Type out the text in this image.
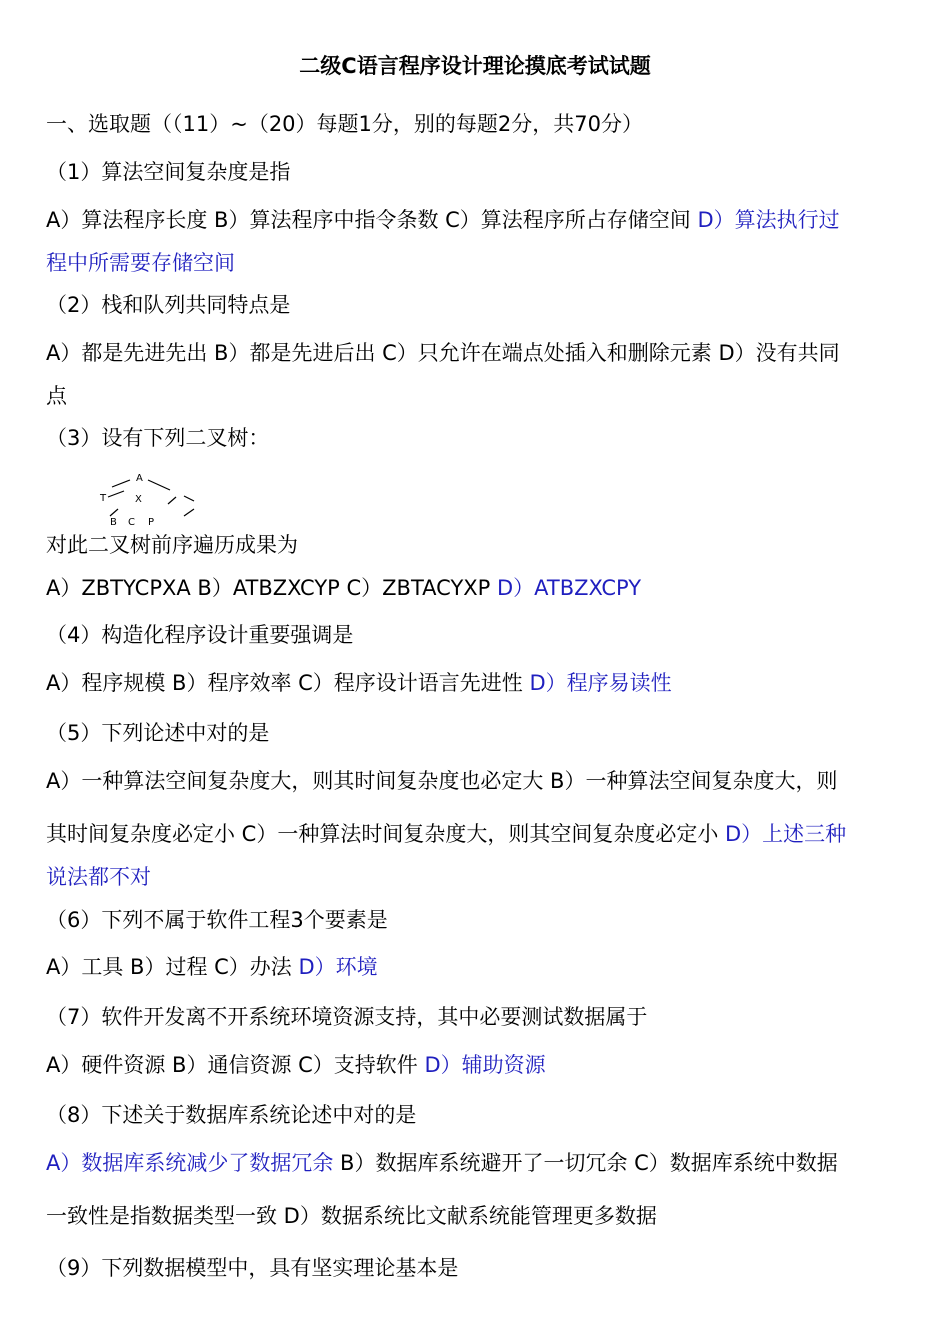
二级C语言程序设计理论摸底考试试题
一、选取题（（11）~（20）每题1分，别的每题2分，共70分）
（1）算法空间复杂度是指
A）算法程序长度 B）算法程序中指令条数 C）算法程序所占存储空间 D）算法执行过
程中所需要存储空间
（2）栈和队列共同特点是
A）都是先进先出 B）都是先进后出 C）只允许在端点处插入和删除元素 D）没有共同
点
（3）设有下列二叉树：
A
T	X
B C P
对此二叉树前序遍历成果为
A）ZBTYCPXA B）ATBZXCYP C）ZBTACYXP D）ATBZXCPY
（4）构造化程序设计重要强调是
A）程序规模 B）程序效率 C）程序设计语言先进性 D）程序易读性
（5）下列论述中对的是
A）一种算法空间复杂度大，则其时间复杂度也必定大 B）一种算法空间复杂度大，则
其时间复杂度必定小 C）一种算法时间复杂度大，则其空间复杂度必定小 D）上述三种
说法都不对
（6）下列不属于软件工程3个要素是
A）工具 B）过程 C）办法 D）环境
（7）软件开发离不开系统环境资源支持，其中必要测试数据属于
A）硬件资源 B）通信资源 C）支持软件 D）辅助资源
（8）下述关于数据库系统论述中对的是
A）数据库系统减少了数据冗余 B）数据库系统避开了一切冗余 C）数据库系统中数据
一致性是指数据类型一致 D）数据系统比文献系统能管理更多数据
（9）下列数据模型中，具有坚实理论基本是
